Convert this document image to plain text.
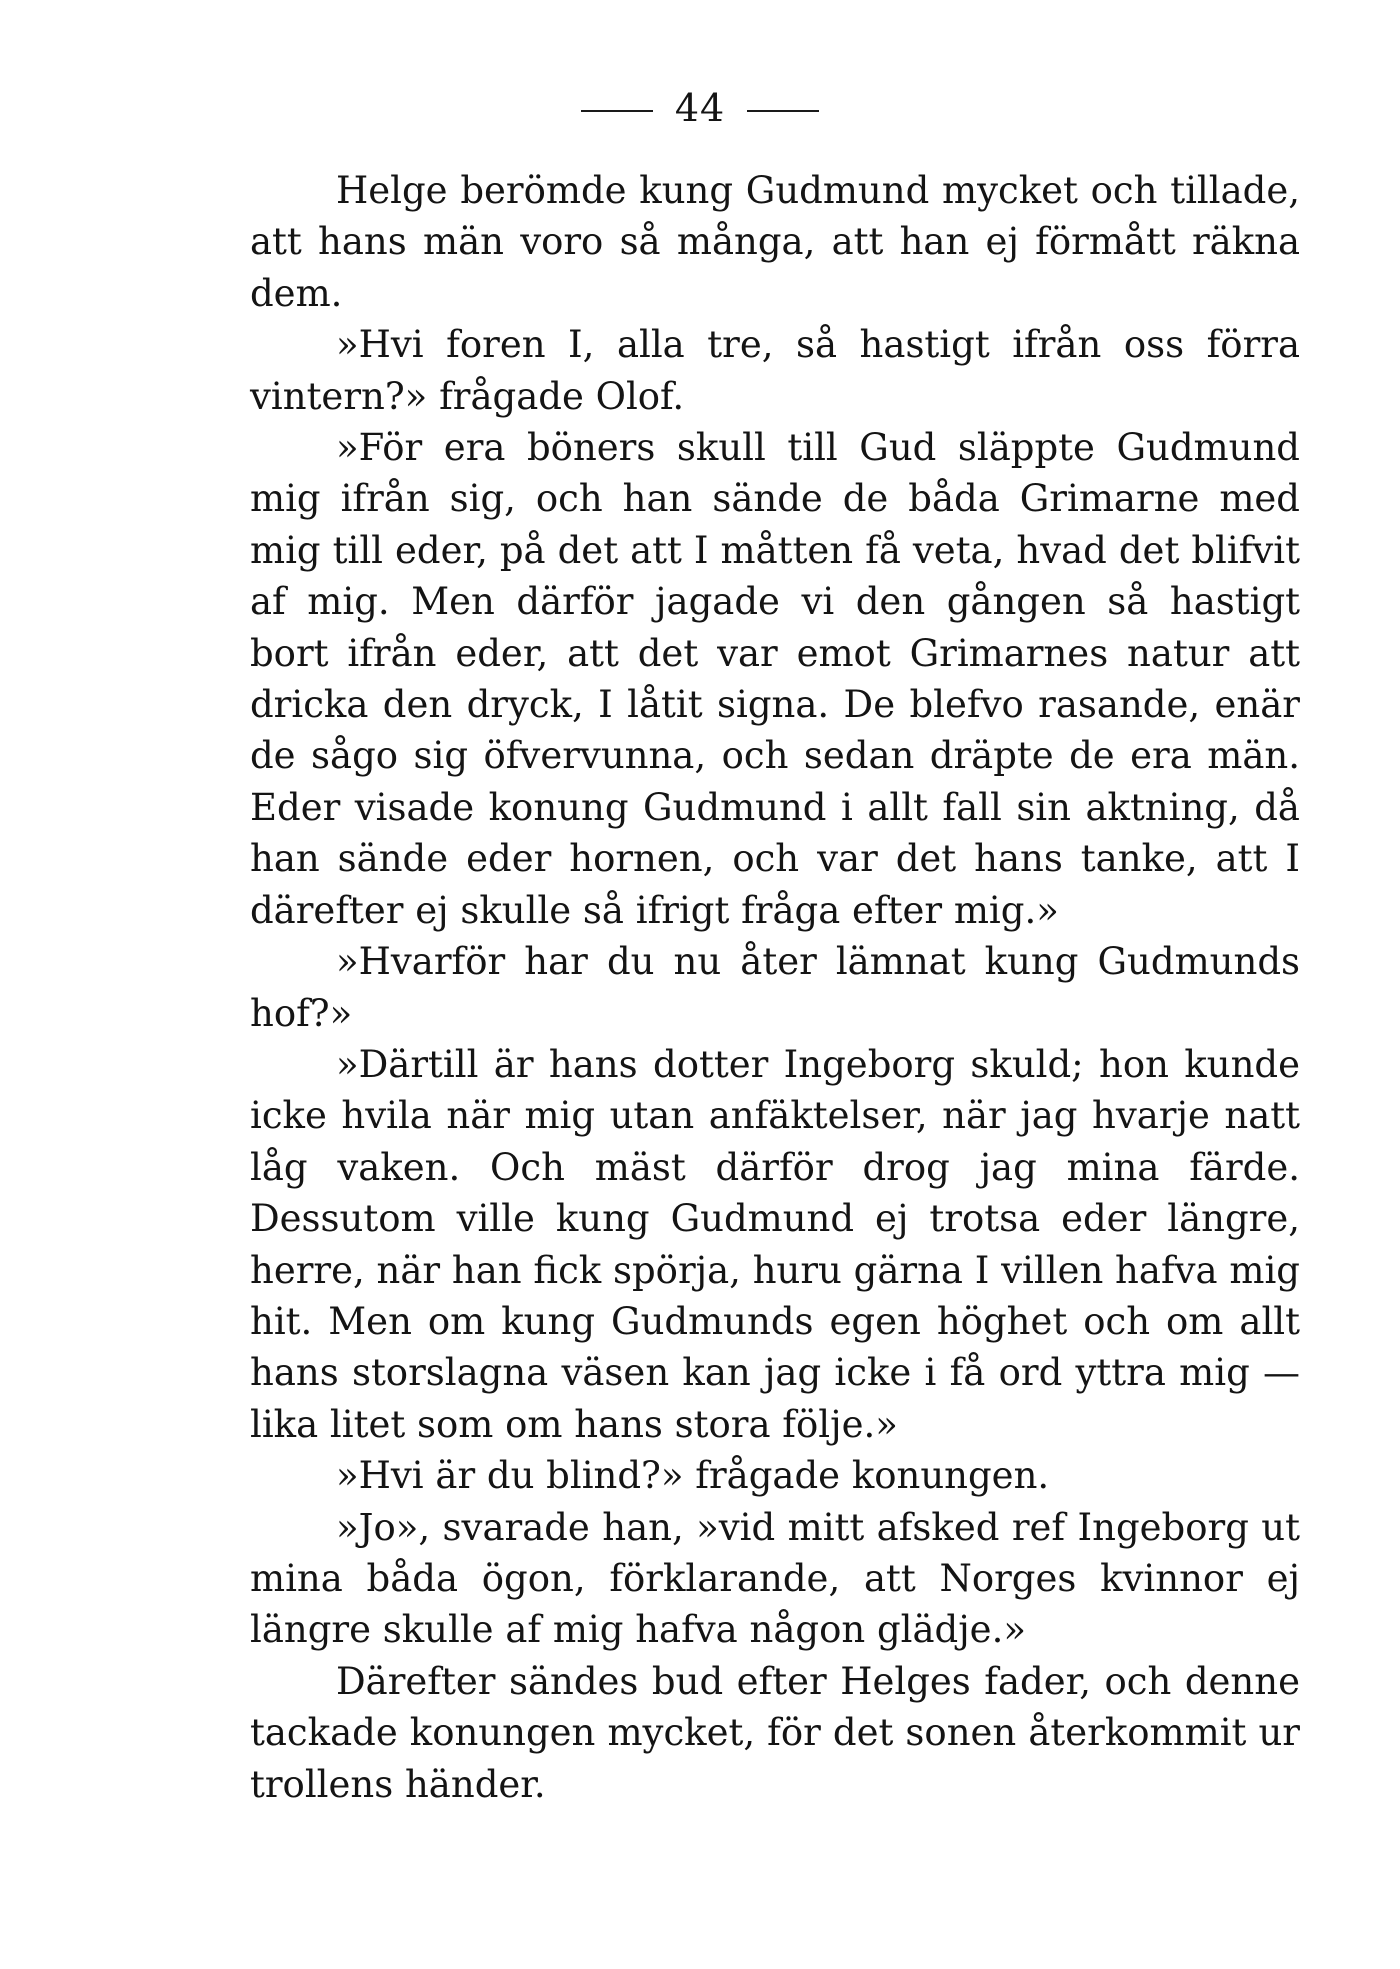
44

Helge berömde kung Gudmund mycket och tillade, att hans män voro så många, att han ej förmått räkna dem.

»Hvi foren I, alla tre, så hastigt ifrån oss förra vintern?» frågade Olof.

»För era böners skull till Gud släppte Gudmund mig ifrån sig, och han sände de båda Grimarne med mig till eder, på det att I måtten få veta, hvad det blifvit af mig. Men därför jagade vi den gången så hastigt bort ifrån eder, att det var emot Grimarnes natur att dricka den dryck, I låtit signa. De blefvo rasande, enär de sågo sig öfvervunna, och sedan dräpte de era män. Eder visade konung Gudmund i allt fall sin aktning, då han sände eder hornen, och var det hans tanke, att I därefter ej skulle så ifrigt fråga efter mig.»

»Hvarför har du nu åter lämnat kung Gudmunds hof?»

»Därtill är hans dotter Ingeborg skuld; hon kunde icke hvila när mig utan anfäktelser, när jag hvarje natt låg vaken. Och mäst därför drog jag mina färde. Dessutom ville kung Gudmund ej trotsa eder längre, herre, när han fick spörja, huru gärna I villen hafva mig hit. Men om kung Gudmunds egen höghet och om allt hans storslagna väsen kan jag icke i få ord yttra mig — lika litet som om hans stora följe.»

»Hvi är du blind?» frågade konungen.

»Jo», svarade han, »vid mitt afsked ref Ingeborg ut mina båda ögon, förklarande, att Norges kvinnor ej längre skulle af mig hafva någon glädje.»

Därefter sändes bud efter Helges fader, och denne tackade konungen mycket, för det sonen återkommit ur trollens händer.
